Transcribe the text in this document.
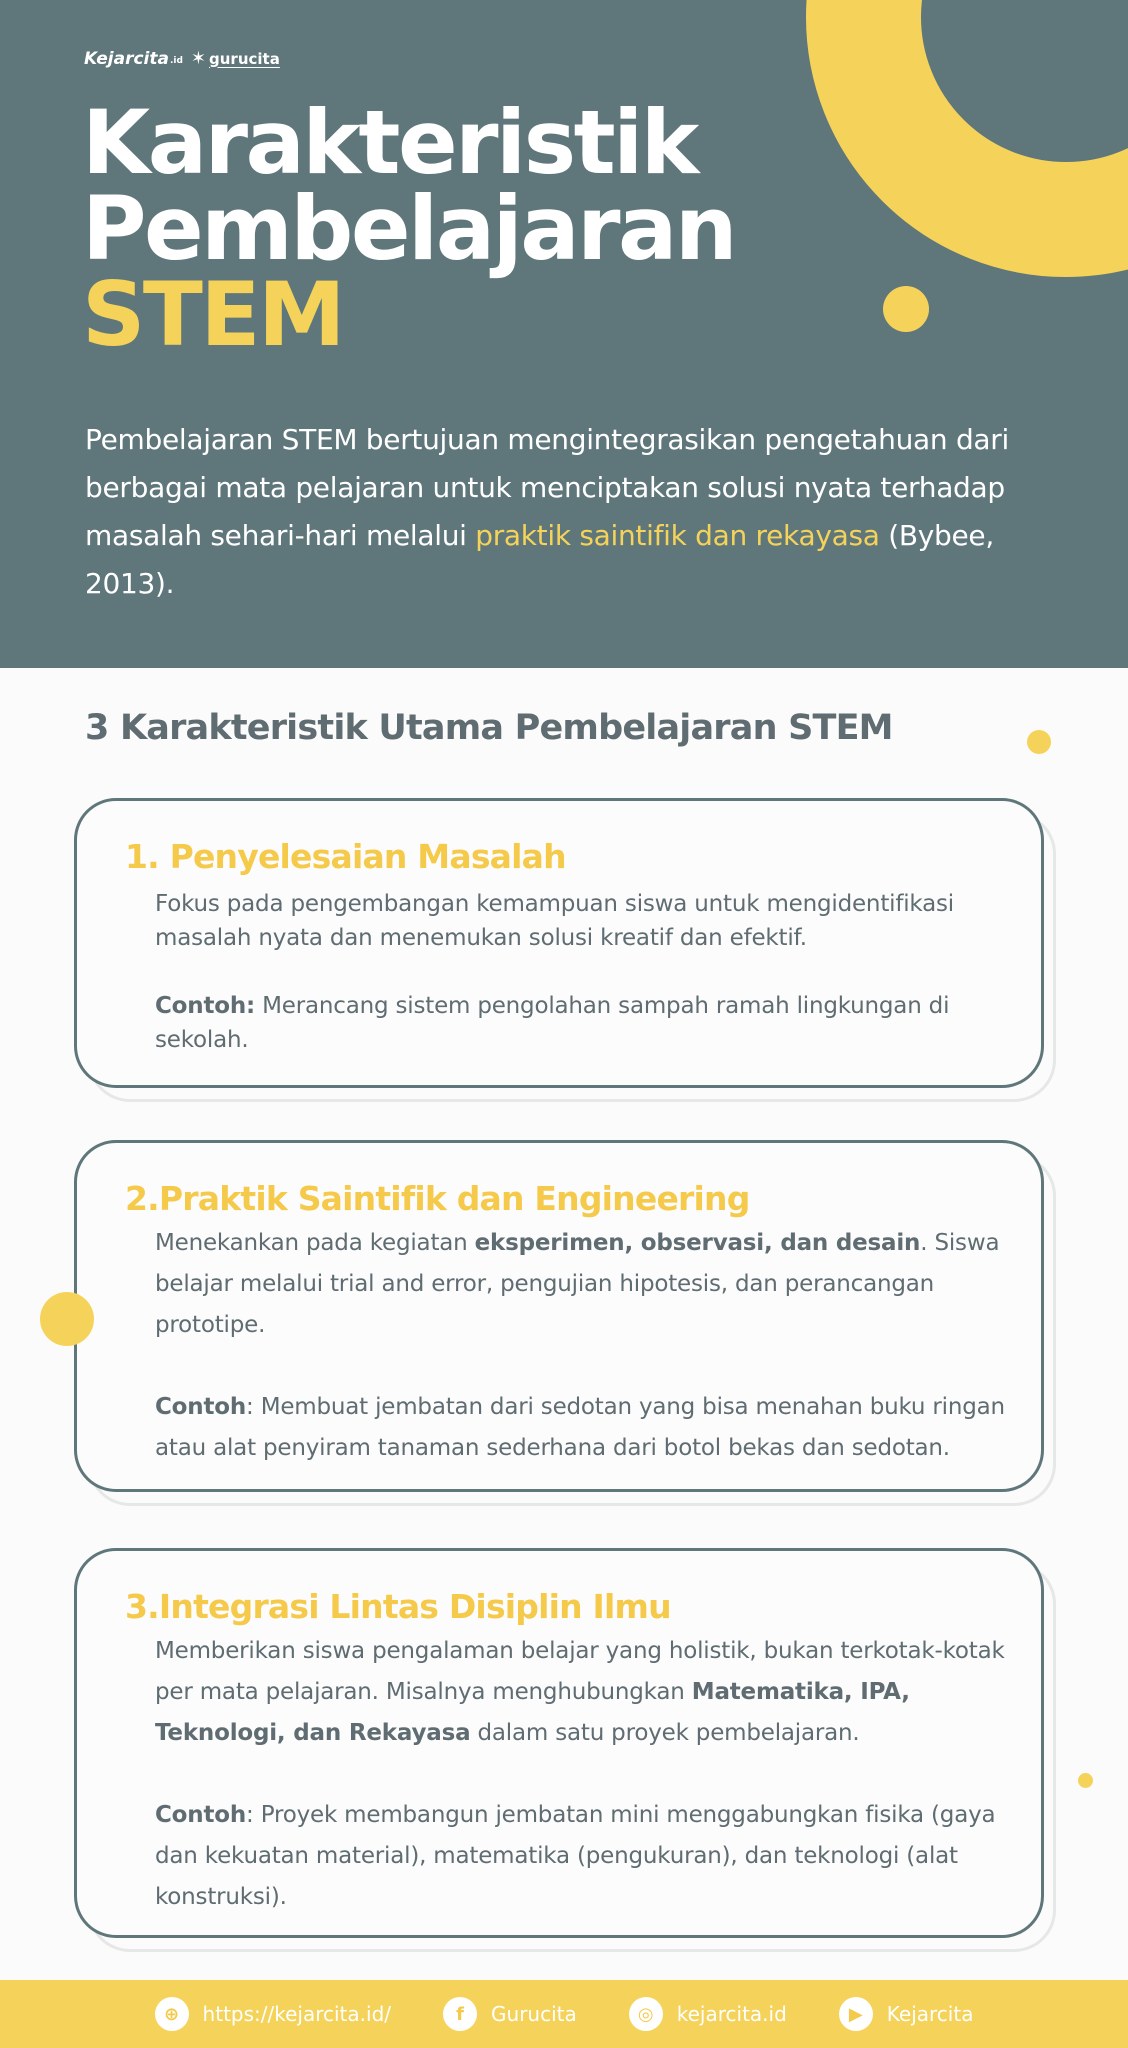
Kejarcita .id ✶ gurucita
Karakteristik
Pembelajaran
STEM

Pembelajaran STEM bertujuan mengintegrasikan pengetahuan dari berbagai mata pelajaran untuk menciptakan solusi nyata terhadap masalah sehari-hari melalui praktik saintifik dan rekayasa (Bybee, 2013).

3 Karakteristik Utama Pembelajaran STEM
1. Penyelesaian Masalah

Fokus pada pengembangan kemampuan siswa untuk mengidentifikasi masalah nyata dan menemukan solusi kreatif dan efektif.

Contoh: Merancang sistem pengolahan sampah ramah lingkungan di sekolah.

2.Praktik Saintifik dan Engineering

Menekankan pada kegiatan eksperimen, observasi, dan desain. Siswa belajar melalui trial and error, pengujian hipotesis, dan perancangan prototipe.

Contoh: Membuat jembatan dari sedotan yang bisa menahan buku ringan atau alat penyiram tanaman sederhana dari botol bekas dan sedotan.

3.Integrasi Lintas Disiplin Ilmu

Memberikan siswa pengalaman belajar yang holistik, bukan terkotak-kotak per mata pelajaran. Misalnya menghubungkan Matematika, IPA, Teknologi, dan Rekayasa dalam satu proyek pembelajaran.

Contoh: Proyek membangun jembatan mini menggabungkan fisika (gaya dan kekuatan material), matematika (pengukuran), dan teknologi (alat konstruksi).

⊕	https://kejarcita.id/	f	Gurucita	◎	kejarcita.id	▶	Kejarcita
